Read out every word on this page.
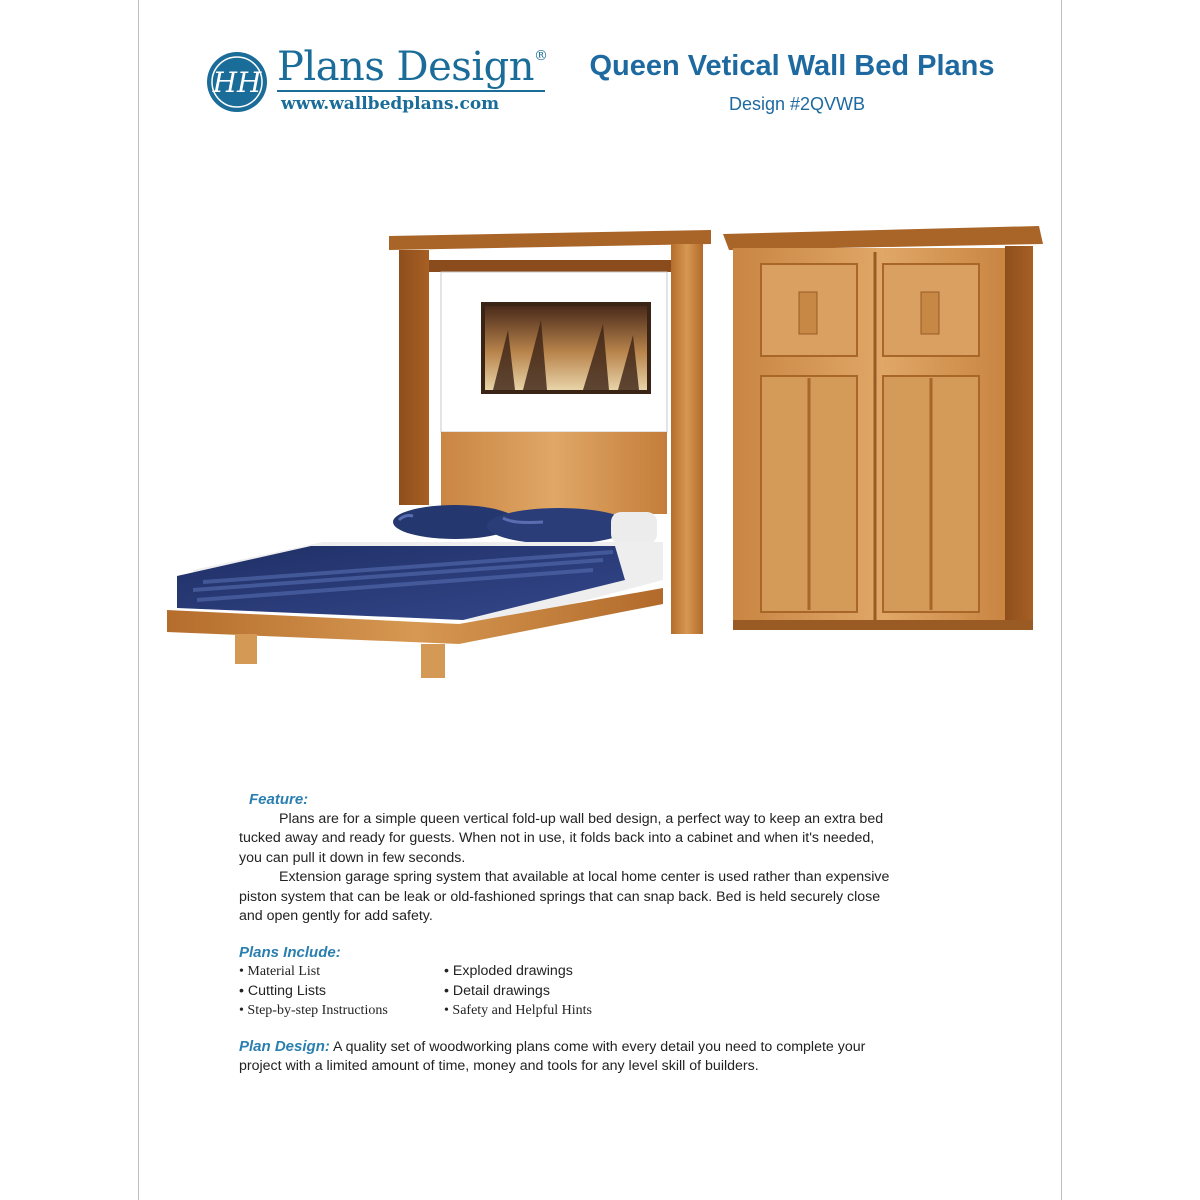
HH Plans Design®
www.wallbedplans.com
Queen Vetical Wall Bed Plans
Design #2QVWB
Feature:

Plans are for a simple queen vertical fold-up wall bed design, a perfect way to keep an extra bed tucked away and ready for guests. When not in use, it folds back into a cabinet and when it's needed, you can pull it down in few seconds.

Extension garage spring system that available at local home center is used rather than expensive piston system that can be leak or old-fashioned springs that can snap back. Bed is held securely close and open gently for add safety.

Plans Include:
• Material List	• Exploded drawings
• Cutting Lists	• Detail drawings
• Step-by-step Instructions	• Safety and Helpful Hints

Plan Design: A quality set of woodworking plans come with every detail you need to complete your project with a limited amount of time, money and tools for any level skill of builders.
